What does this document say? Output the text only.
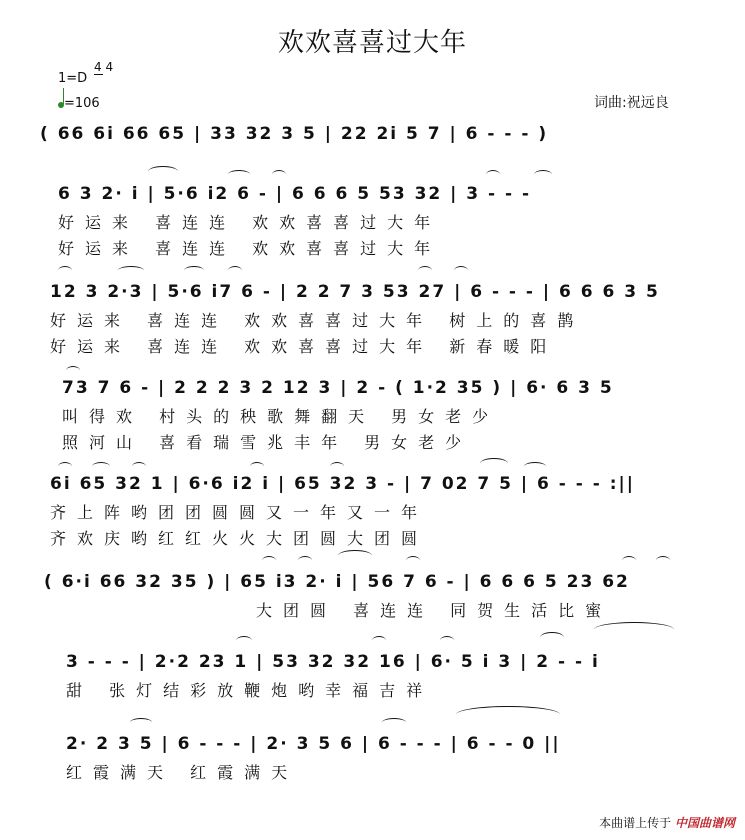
欢欢喜喜过大年
1=D
4 4
=106	词曲:祝远良
( 66 6i 66 65 | 33 32 3 5 | 22 2i 5 7 | 6 - - - )
6 3 2· i | 5·6 i2 6 - | 6 6 6 5 53 32 | 3 - - -
好运来 喜连连 欢欢喜喜过大年
好运来 喜连连 欢欢喜喜过大年
12 3 2·3 | 5·6 i7 6 - | 2 2 7 3 53 27 | 6 - - - | 6 6 6 3 5
好运来 喜连连 欢欢喜喜过大年 树上的喜鹊
好运来 喜连连 欢欢喜喜过大年 新春暖阳
73 7 6 - | 2 2 2 3 2 12 3 | 2 - ( 1·2 35 ) | 6· 6 3 5
叫得欢 村头的秧歌舞翻天 男女老少
照河山 喜看瑞雪兆丰年 男女老少
6i 65 32 1 | 6·6 i2 i | 65 32 3 - | 7 02 7 5 | 6 - - - :||
齐上阵哟团团圆圆又一年又一年
齐欢庆哟红红火火大团圆大团圆
( 6·i 66 32 35 ) | 65 i3 2· i | 56 7 6 - | 6 6 6 5 23 62
大团圆 喜连连 同贺生活比蜜
3 - - - | 2·2 23 1 | 53 32 32 16 | 6· 5 i 3 | 2 - - i
甜 张灯结彩放鞭炮哟幸福吉祥
2· 2 3 5 | 6 - - - | 2· 3 5 6 | 6 - - - | 6 - - 0 ||
红霞满天 红霞满天
本曲谱上传于 中国曲谱网
